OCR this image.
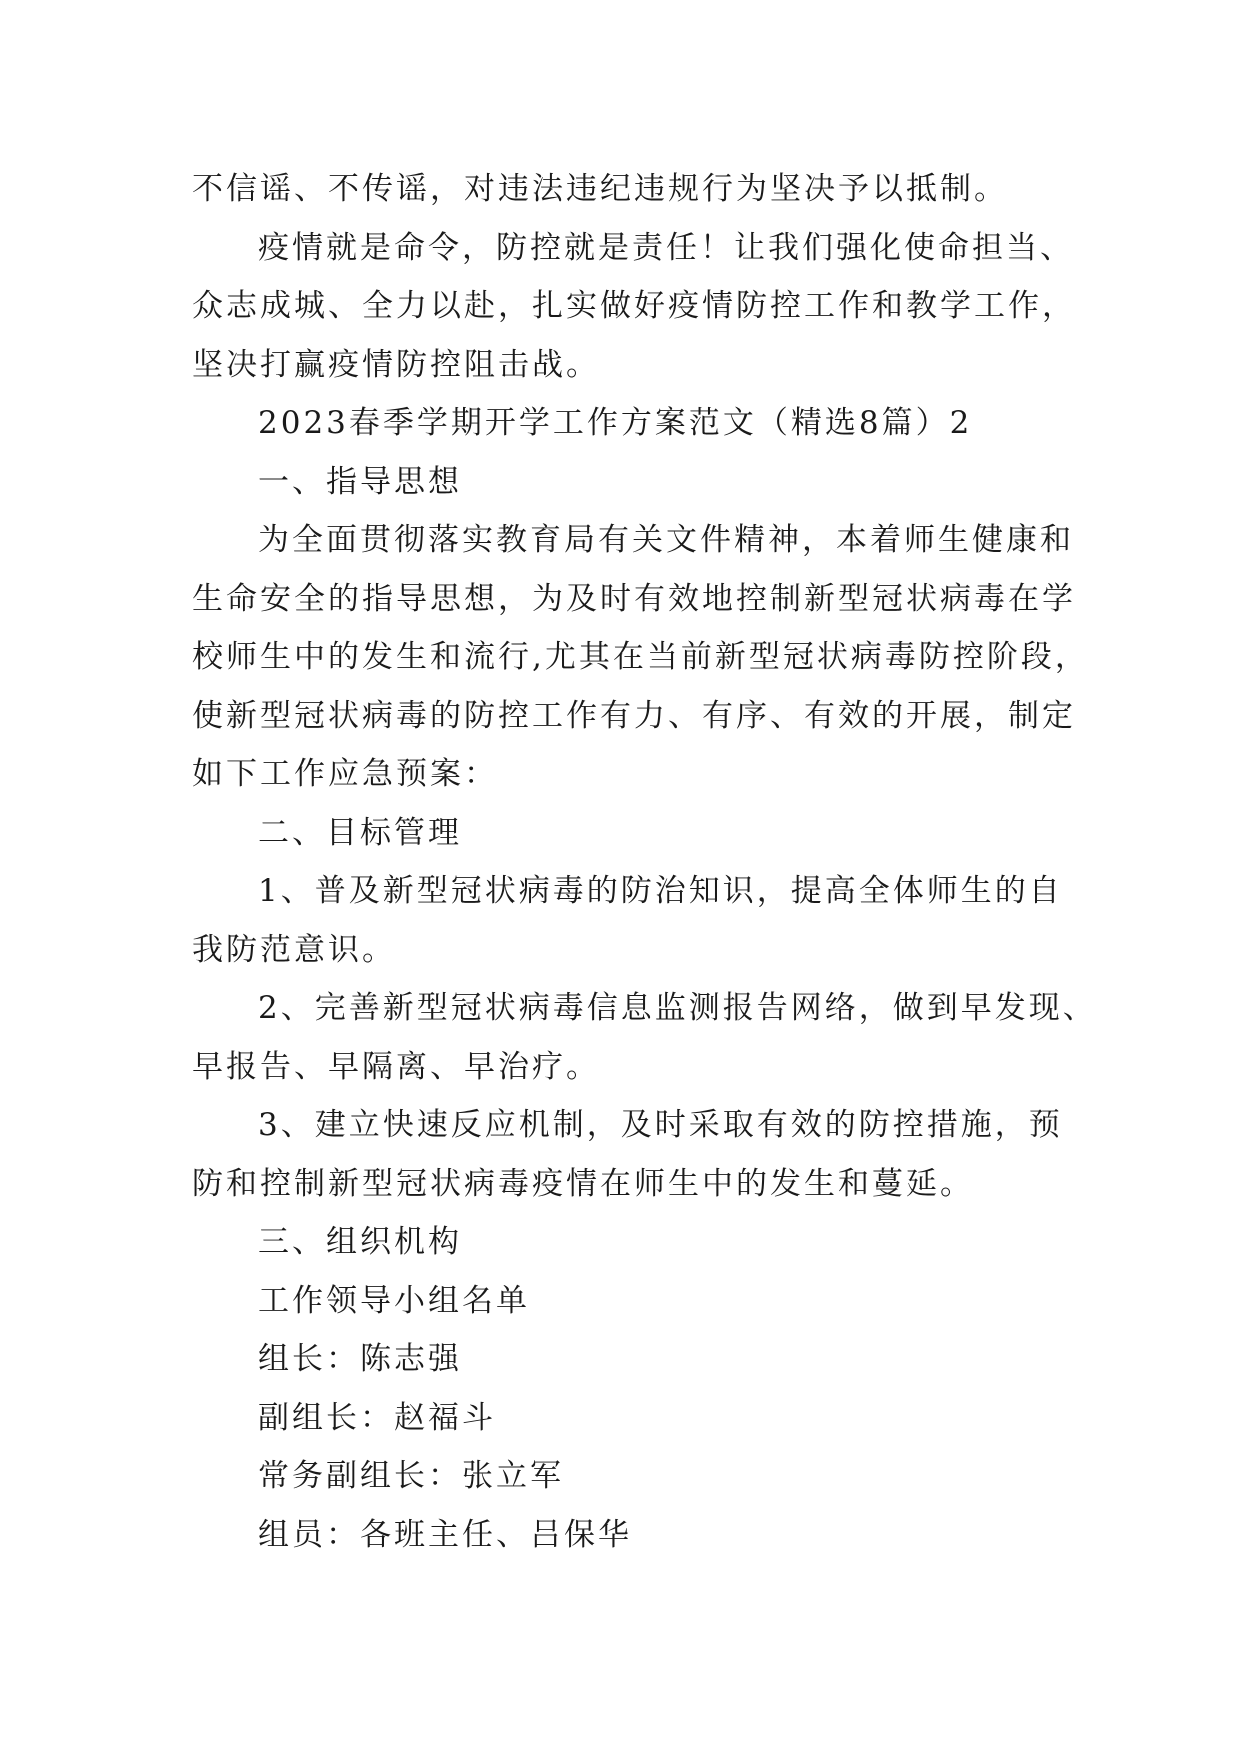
不信谣、不传谣，对违法违纪违规行为坚决予以抵制。
疫情就是命令，防控就是责任！让我们强化使命担当、
众志成城、全力以赴，扎实做好疫情防控工作和教学工作，
坚决打赢疫情防控阻击战。
2023春季学期开学工作方案范文（精选8篇）2
一、指导思想
为全面贯彻落实教育局有关文件精神，本着师生健康和
生命安全的指导思想，为及时有效地控制新型冠状病毒在学
校师生中的发生和流行,尤其在当前新型冠状病毒防控阶段，
使新型冠状病毒的防控工作有力、有序、有效的开展，制定
如下工作应急预案：
二、目标管理
1、普及新型冠状病毒的防治知识，提高全体师生的自
我防范意识。
2、完善新型冠状病毒信息监测报告网络，做到早发现、
早报告、早隔离、早治疗。
3、建立快速反应机制，及时采取有效的防控措施，预
防和控制新型冠状病毒疫情在师生中的发生和蔓延。
三、组织机构
工作领导小组名单
组长：陈志强
副组长：赵福斗
常务副组长：张立军
组员：各班主任、吕保华
